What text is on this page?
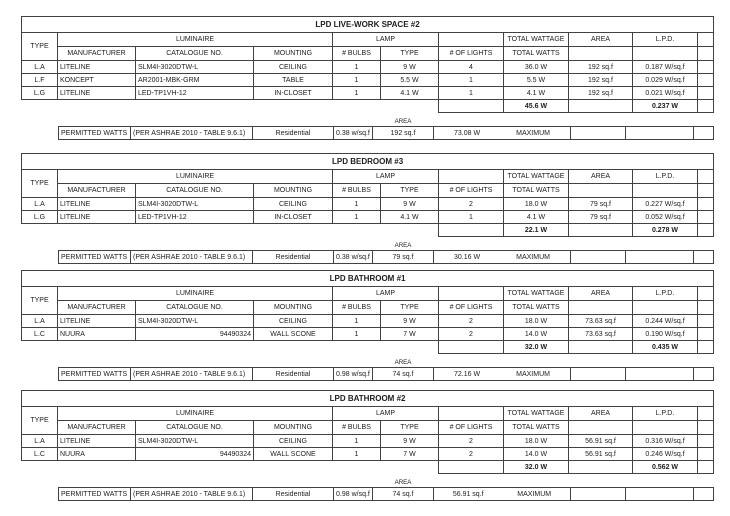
LPD LIVE-WORK SPACE #2										
TYPE	LUMINAIRE			LAMP			TOTAL WATTAGE	AREA	L.P.D.	
	MANUFACTURER	CATALOGUE NO.	MOUNTING	# BULBS	TYPE	# OF LIGHTS	TOTAL WATTS			
L.A	LITELINE	SLM4I-3020DTW-L	CEILING	1	9 W	4	36.0 W	192 sq.f	0.187 W/sq.f	
L.F	KONCEPT	AR2001-MBK-GRM	TABLE	1	5.5 W	1	5.5 W	192 sq.f	0.029 W/sq.f	
L.G	LITELINE	LED-TP1VH-12	IN-CLOSET	1	4.1 W	1	4.1 W	192 sq.f	0.021 W/sq.f	
							45.6 W		0.237 W	
				AREA				
PERMITTED WATTS	(PER ASHRAE 2010 - TABLE 9.6.1)	Residential	0.38 w/sq.f	192 sq.f	73.08 W MAXIMUM			

LPD BEDROOM #3										
TYPE	LUMINAIRE			LAMP			TOTAL WATTAGE	AREA	L.P.D.	
	MANUFACTURER	CATALOGUE NO.	MOUNTING	# BULBS	TYPE	# OF LIGHTS	TOTAL WATTS			
L.A	LITELINE	SLM4I-3020DTW-L	CEILING	1	9 W	2	18.0 W	79 sq.f	0.227 W/sq.f	
L.G	LITELINE	LED-TP1VH-12	IN-CLOSET	1	4.1 W	1	4.1 W	79 sq.f	0.052 W/sq.f	
							22.1 W		0.278 W	
				AREA				
PERMITTED WATTS	(PER ASHRAE 2010 - TABLE 9.6.1)	Residential	0.38 w/sq.f	79 sq.f	30.16 W MAXIMUM			

LPD BATHROOM #1										
TYPE	LUMINAIRE			LAMP			TOTAL WATTAGE	AREA	L.P.D.	
	MANUFACTURER	CATALOGUE NO.	MOUNTING	# BULBS	TYPE	# OF LIGHTS	TOTAL WATTS			
L.A	LITELINE	SLM4I-3020DTW-L	CEILING	1	9 W	2	18.0 W	73.63 sq.f	0.244 W/sq.f	
L.C	NUURA	94490324	WALL SCONE	1	7 W	2	14.0 W	73.63 sq.f	0.190 W/sq.f	
							32.0 W		0.435 W	
				AREA				
PERMITTED WATTS	(PER ASHRAE 2010 - TABLE 9.6.1)	Residential	0.98 w/sq.f	74 sq.f	72.16 W MAXIMUM			

LPD BATHROOM #2										
TYPE	LUMINAIRE			LAMP			TOTAL WATTAGE	AREA	L.P.D.	
	MANUFACTURER	CATALOGUE NO.	MOUNTING	# BULBS	TYPE	# OF LIGHTS	TOTAL WATTS			
L.A	LITELINE	SLM4I-3020DTW-L	CEILING	1	9 W	2	18.0 W	56.91 sq.f	0.316 W/sq.f	
L.C	NUURA	94490324	WALL SCONE	1	7 W	2	14.0 W	56.91 sq.f	0.246 W/sq.f	
							32.0 W		0.562 W	
				AREA				
PERMITTED WATTS	(PER ASHRAE 2010 - TABLE 9.6.1)	Residential	0.98 w/sq.f	74 sq.f	56.91 sq.f MAXIMUM			
